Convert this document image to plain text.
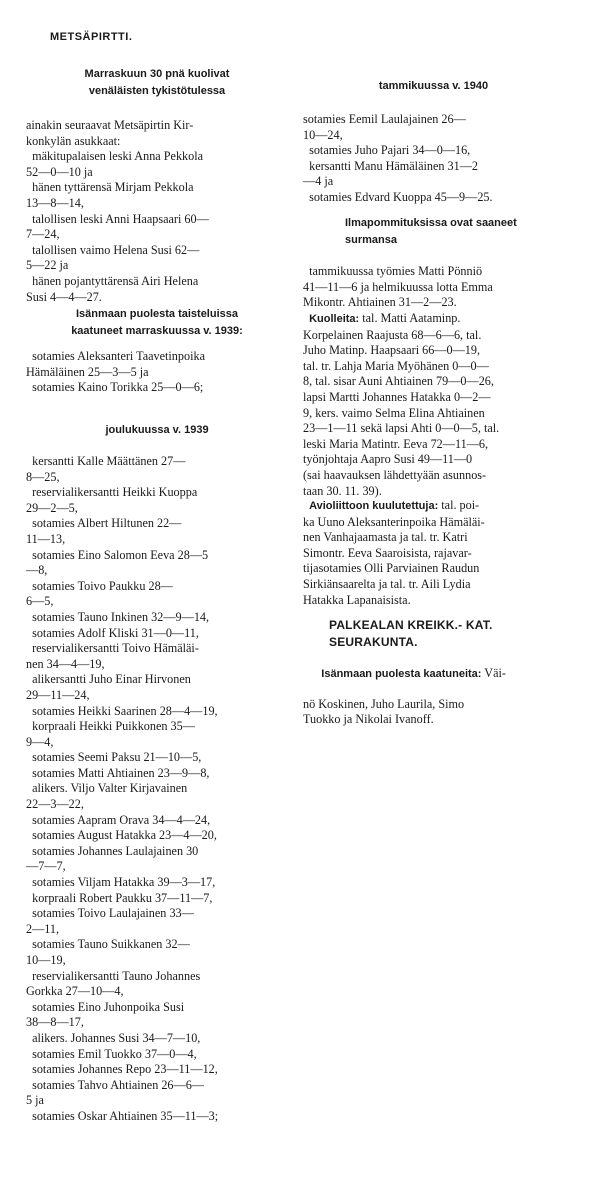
METSÄPIRTTI.

Marraskuun 30 pnä kuolivat

venäläisten tykistötulessa

ainakin seuraavat Metsäpirtin Kir-
konkylän asukkaat:
mäkitupalaisen leski Anna Pekkola
52—0—10 ja
hänen tyttärensä Mirjam Pekkola
13—8—14,
talollisen leski Anni Haapsaari 60—
7—24,
talollisen vaimo Helena Susi 62—
5—22 ja
hänen pojantyttärensä Airi Helena
Susi 4—4—27.

Isänmaan puolesta taisteluissa

kaatuneet marraskuussa v. 1939:

sotamies Aleksanteri Taavetinpoika
Hämäläinen 25—3—5 ja
sotamies Kaino Torikka 25—0—6;

joulukuussa v. 1939

kersantti Kalle Määttänen 27—
8—25,
reservialikersantti Heikki Kuoppa
29—2—5,
sotamies Albert Hiltunen 22—
11—13,
sotamies Eino Salomon Eeva 28—5
—8,
sotamies Toivo Paukku 28—
6—5,
sotamies Tauno Inkinen 32—9—14,
sotamies Adolf Kliski 31—0—11,
reservialikersantti Toivo Hämäläi-
nen 34—4—19,
alikersantti Juho Einar Hirvonen
29—11—24,
sotamies Heikki Saarinen 28—4—19,
korpraali Heikki Puikkonen 35—
9—4,
sotamies Seemi Paksu 21—10—5,
sotamies Matti Ahtiainen 23—9—8,
alikers. Viljo Valter Kirjavainen
22—3—22,
sotamies Aapram Orava 34—4—24,
sotamies August Hatakka 23—4—20,
sotamies Johannes Laulajainen 30
—7—7,
sotamies Viljam Hatakka 39—3—17,
korpraali Robert Paukku 37—11—7,
sotamies Toivo Laulajainen 33—
2—11,
sotamies Tauno Suikkanen 32—
10—19,
reservialikersantti Tauno Johannes
Gorkka 27—10—4,
sotamies Eino Juhonpoika Susi
38—8—17,
alikers. Johannes Susi 34—7—10,
sotamies Emil Tuokko 37—0—4,
sotamies Johannes Repo 23—11—12,
sotamies Tahvo Ahtiainen 26—6—
5 ja
sotamies Oskar Ahtiainen 35—11—3;

tammikuussa v. 1940

sotamies Eemil Laulajainen 26—
10—24,
sotamies Juho Pajari 34—0—16,
kersantti Manu Hämäläinen 31—2
—4 ja
sotamies Edvard Kuoppa 45—9—25.

Ilmapommituksissa ovat saaneet

surmansa

tammikuussa työmies Matti Pönniö
41—11—6 ja helmikuussa lotta Emma
Mikontr. Ahtiainen 31—2—23.
Kuolleita: tal. Matti Aataminp.
Korpelainen Raajusta 68—6—6, tal.
Juho Matinp. Haapsaari 66—0—19,
tal. tr. Lahja Maria Myöhänen 0—0—
8, tal. sisar Auni Ahtiainen 79—0—26,
lapsi Martti Johannes Hatakka 0—2—
9, kers. vaimo Selma Elina Ahtiainen
23—1—11 sekä lapsi Ahti 0—0—5, tal.
leski Maria Matintr. Eeva 72—11—6,
työnjohtaja Aapro Susi 49—11—0
(sai haavauksen lähdettyään asunnos-
taan 30. 11. 39).
Avioliittoon kuulutettuja: tal. poi-
ka Uuno Aleksanterinpoika Hämäläi-
nen Vanhajaamasta ja tal. tr. Katri
Simontr. Eeva Saaroisista, rajavar-
tijasotamies Olli Parviainen Raudun
Sirkiänsaarelta ja tal. tr. Aili Lydia
Hatakka Lapanaisista.

PALKEALAN KREIKK.- KAT.

SEURAKUNTA.

Isänmaan puolesta kaatuneita: Väi-
nö Koskinen, Juho Laurila, Simo
Tuokko ja Nikolai Ivanoff.
